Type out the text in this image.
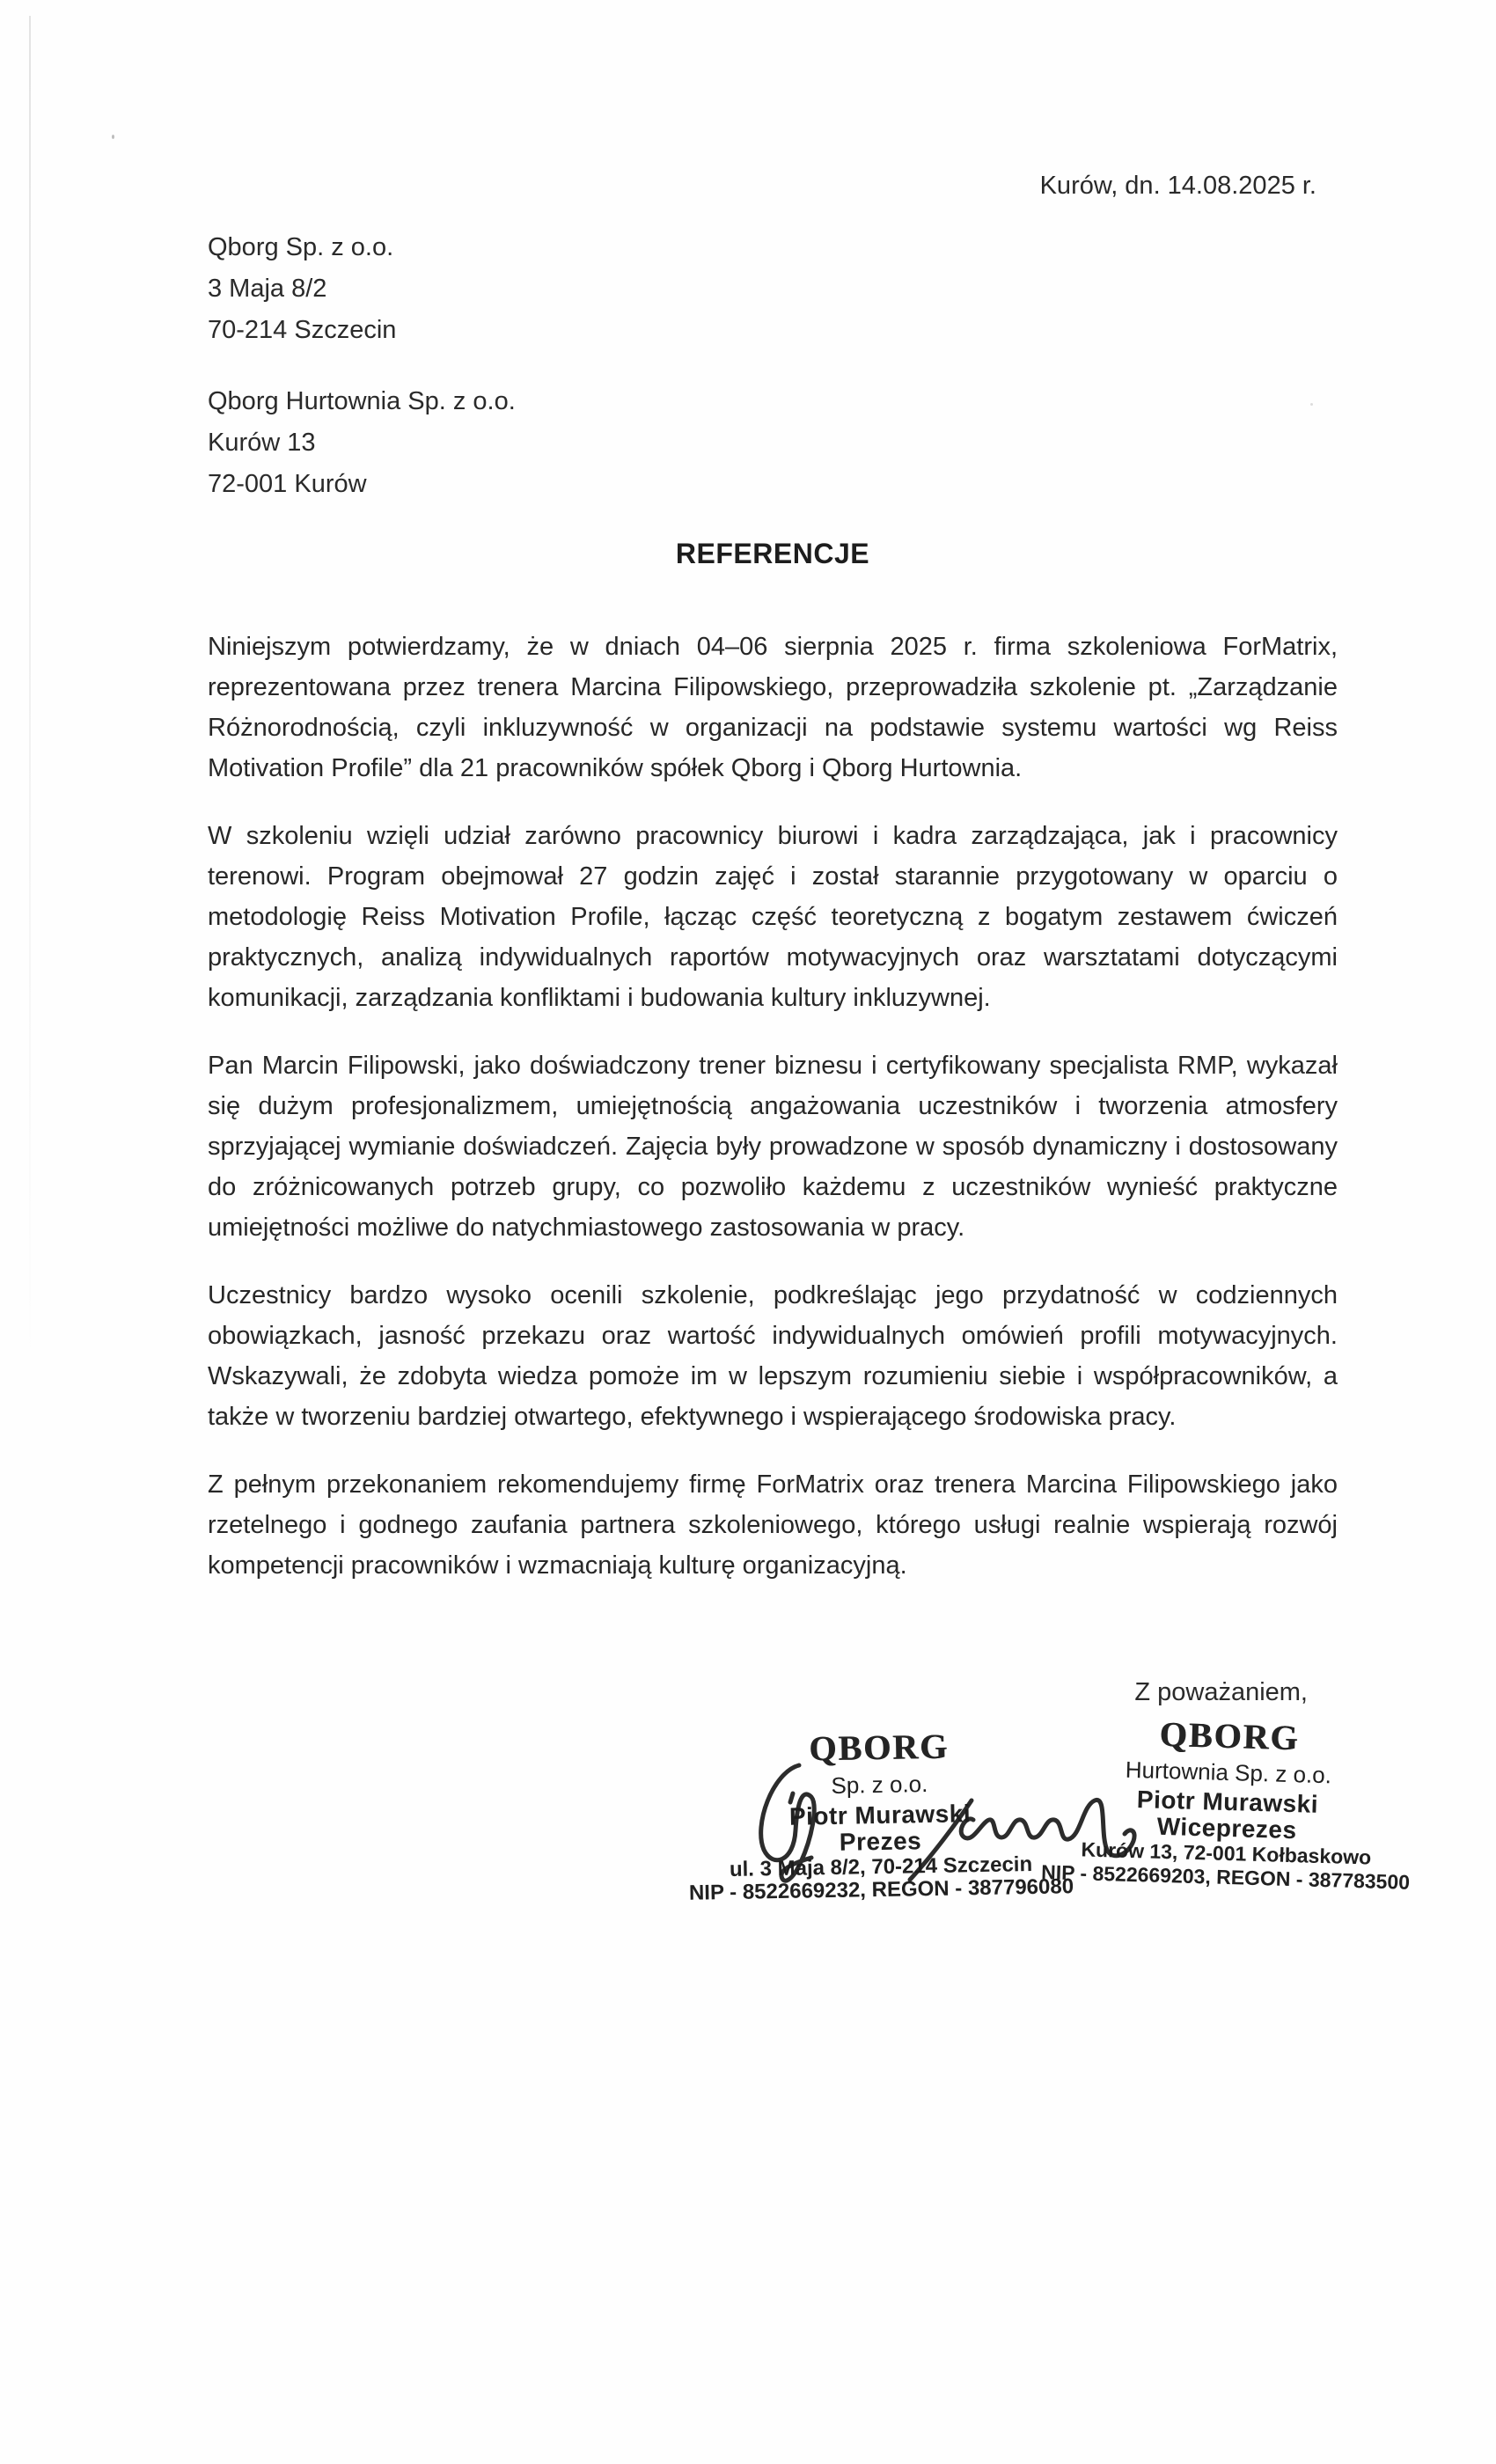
Kurów, dn. 14.08.2025 r.
Qborg Sp. z o.o.
3 Maja 8/2
70-214 Szczecin
Qborg Hurtownia Sp. z o.o.
Kurów 13
72-001 Kurów
REFERENCJE

Niniejszym potwierdzamy, że w dniach 04–06 sierpnia 2025 r. firma szkoleniowa ForMatrix, reprezentowana przez trenera Marcina Filipowskiego, przeprowadziła szkolenie pt. „Zarządzanie Różnorodnością, czyli inkluzywność w organizacji na podstawie systemu wartości wg Reiss Motivation Profile” dla 21 pracowników spółek Qborg i Qborg Hurtownia.

W szkoleniu wzięli udział zarówno pracownicy biurowi i kadra zarządzająca, jak i pracownicy terenowi. Program obejmował 27 godzin zajęć i został starannie przygotowany w oparciu o metodologię Reiss Motivation Profile, łącząc część teoretyczną z bogatym zestawem ćwiczeń praktycznych, analizą indywidualnych raportów motywacyjnych oraz warsztatami dotyczącymi komunikacji, zarządzania konfliktami i budowania kultury inkluzywnej.

Pan Marcin Filipowski, jako doświadczony trener biznesu i certyfikowany specjalista RMP, wykazał się dużym profesjonalizmem, umiejętnością angażowania uczestników i tworzenia atmosfery sprzyjającej wymianie doświadczeń. Zajęcia były prowadzone w sposób dynamiczny i dostosowany do zróżnicowanych potrzeb grupy, co pozwoliło każdemu z uczestników wynieść praktyczne umiejętności możliwe do natychmiastowego zastosowania w pracy.

Uczestnicy bardzo wysoko ocenili szkolenie, podkreślając jego przydatność w codziennych obowiązkach, jasność przekazu oraz wartość indywidualnych omówień profili motywacyjnych. Wskazywali, że zdobyta wiedza pomoże im w lepszym rozumieniu siebie i współpracowników, a także w tworzeniu bardziej otwartego, efektywnego i wspierającego środowiska pracy.

Z pełnym przekonaniem rekomendujemy firmę ForMatrix oraz trenera Marcina Filipowskiego jako rzetelnego i godnego zaufania partnera szkoleniowego, którego usługi realnie wspierają rozwój kompetencji pracowników i wzmacniają kulturę organizacyjną.

Z poważaniem,
QBORG
Sp. z o.o.
Piotr Murawski
Prezes
ul. 3 Maja 8/2, 70-214 Szczecin
NIP - 8522669232, REGON - 387796080
QBORG
Hurtownia Sp. z o.o.
Piotr Murawski
Wiceprezes
Kurów 13, 72-001 Kołbaskowo
NIP - 8522669203, REGON - 387783500
